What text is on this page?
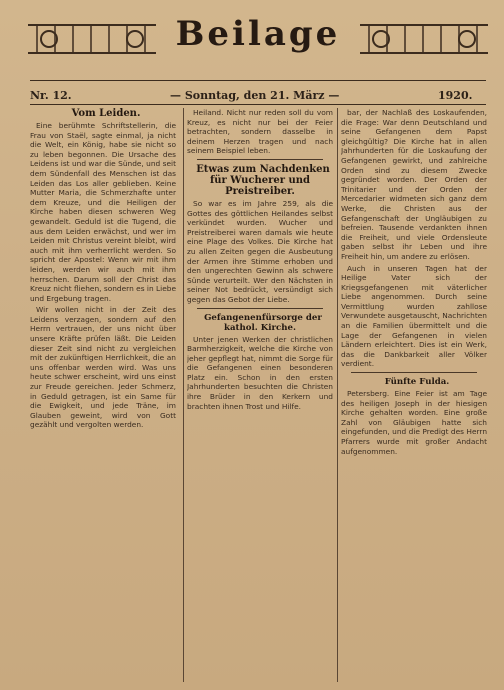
Beilage
Nr. 12.	— Sonntag, den 21. März —	1920.

Vom Leiden.

Eine berühmte Schriftstellerin, die Frau von Staël, sagte einmal, ja nicht die Welt, ein König, habe sie nicht so zu leben begonnen. Die Ursache des Leidens ist und war die Sünde, und seit dem Sündenfall des Menschen ist das Leiden das Los aller geblieben. Keine Mutter Maria, die Schmerzhafte unter dem Kreuze, und die Heiligen der Kirche haben diesen schweren Weg gewandelt. Geduld ist die Tugend, die aus dem Leiden erwächst, und wer im Leiden mit Christus vereint bleibt, wird auch mit ihm verherrlicht werden. So spricht der Apostel: Wenn wir mit ihm leiden, werden wir auch mit ihm herrschen. Darum soll der Christ das Kreuz nicht fliehen, sondern es in Liebe und Ergebung tragen.

Wir wollen nicht in der Zeit des Leidens verzagen, sondern auf den Herrn vertrauen, der uns nicht über unsere Kräfte prüfen läßt. Die Leiden dieser Zeit sind nicht zu vergleichen mit der zukünftigen Herrlichkeit, die an uns offenbar werden wird. Was uns heute schwer erscheint, wird uns einst zur Freude gereichen. Jeder Schmerz, in Geduld getragen, ist ein Same für die Ewigkeit, und jede Träne, im Glauben geweint, wird von Gott gezählt und vergolten werden.

Heiland. Nicht nur reden soll du vom Kreuz, es nicht nur bei der Feier betrachten, sondern dasselbe in deinem Herzen tragen und nach seinem Beispiel leben.

Etwas zum Nachdenken für Wucherer und Preistreiber.

So war es im Jahre 259, als die Gottes des göttlichen Heilandes selbst verkündet wurden. Wucher und Preistreiberei waren damals wie heute eine Plage des Volkes. Die Kirche hat zu allen Zeiten gegen die Ausbeutung der Armen ihre Stimme erhoben und den ungerechten Gewinn als schwere Sünde verurteilt. Wer den Nächsten in seiner Not bedrückt, versündigt sich gegen das Gebot der Liebe.

Gefangenenfürsorge der kathol. Kirche.

Unter jenen Werken der christlichen Barmherzigkeit, welche die Kirche von jeher gepflegt hat, nimmt die Sorge für die Gefangenen einen besonderen Platz ein. Schon in den ersten Jahrhunderten besuchten die Christen ihre Brüder in den Kerkern und brachten ihnen Trost und Hilfe.

bar, der Nachlaß des Loskaufenden, die Frage: War denn Deutschland und seine Gefangenen dem Papst gleichgültig? Die Kirche hat in allen Jahrhunderten für die Loskaufung der Gefangenen gewirkt, und zahlreiche Orden sind zu diesem Zwecke gegründet worden. Der Orden der Trinitarier und der Orden der Mercedarier widmeten sich ganz dem Werke, die Christen aus der Gefangenschaft der Ungläubigen zu befreien. Tausende verdankten ihnen die Freiheit, und viele Ordensleute gaben selbst ihr Leben und ihre Freiheit hin, um andere zu erlösen.

Auch in unseren Tagen hat der Heilige Vater sich der Kriegsgefangenen mit väterlicher Liebe angenommen. Durch seine Vermittlung wurden zahllose Verwundete ausgetauscht, Nachrichten an die Familien übermittelt und die Lage der Gefangenen in vielen Ländern erleichtert. Dies ist ein Werk, das die Dankbarkeit aller Völker verdient.

Fünfte Fulda.

Petersberg. Eine Feier ist am Tage des heiligen Joseph in der hiesigen Kirche gehalten worden. Eine große Zahl von Gläubigen hatte sich eingefunden, und die Predigt des Herrn Pfarrers wurde mit großer Andacht aufgenommen.
